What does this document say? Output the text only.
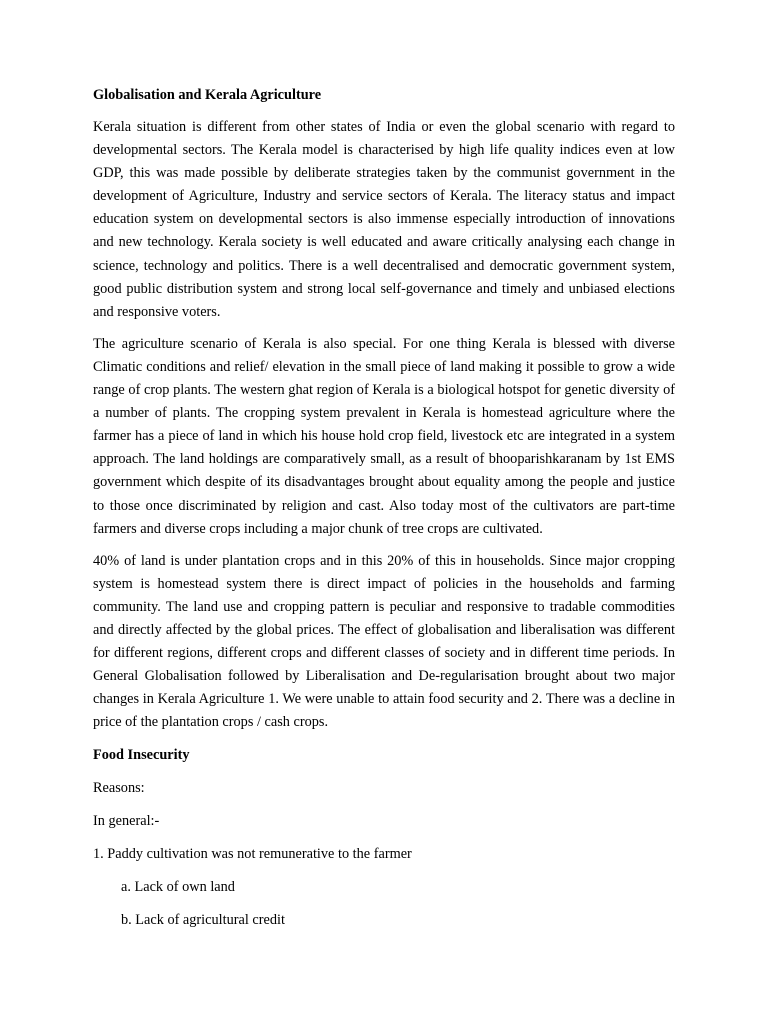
Globalisation and Kerala Agriculture

Kerala situation is different from other states of India or even the global scenario with regard to developmental sectors. The Kerala model is characterised by high life quality indices even at low GDP, this was made possible by deliberate strategies taken by the communist government in the development of Agriculture, Industry and service sectors of Kerala. The literacy status and impact education system on developmental sectors is also immense especially introduction of innovations and new technology. Kerala society is well educated and aware critically analysing each change in science, technology and politics. There is a well decentralised and democratic government system, good public distribution system and strong local self-governance and timely and unbiased elections and responsive voters.

The agriculture scenario of Kerala is also special. For one thing Kerala is blessed with diverse Climatic conditions and relief/ elevation in the small piece of land making it possible to grow a wide range of crop plants. The western ghat region of Kerala is a biological hotspot for genetic diversity of a number of plants. The cropping system prevalent in Kerala is homestead agriculture where the farmer has a piece of land in which his house hold crop field, livestock etc are integrated in a system approach. The land holdings are comparatively small, as a result of bhooparishkaranam by 1st EMS government which despite of its disadvantages brought about equality among the people and justice to those once discriminated by religion and cast. Also today most of the cultivators are part-time farmers and diverse crops including a major chunk of tree crops are cultivated.

40% of land is under plantation crops and in this 20% of this in households. Since major cropping system is homestead system there is direct impact of policies in the households and farming community. The land use and cropping pattern is peculiar and responsive to tradable commodities and directly affected by the global prices. The effect of globalisation and liberalisation was different for different regions, different crops and different classes of society and in different time periods. In General Globalisation followed by Liberalisation and De-regularisation brought about two major changes in Kerala Agriculture 1. We were unable to attain food security and 2. There was a decline in price of the plantation crops / cash crops.

Food Insecurity

Reasons:

In general:-

1. Paddy cultivation was not remunerative to the farmer

a. Lack of own land

b. Lack of agricultural credit
